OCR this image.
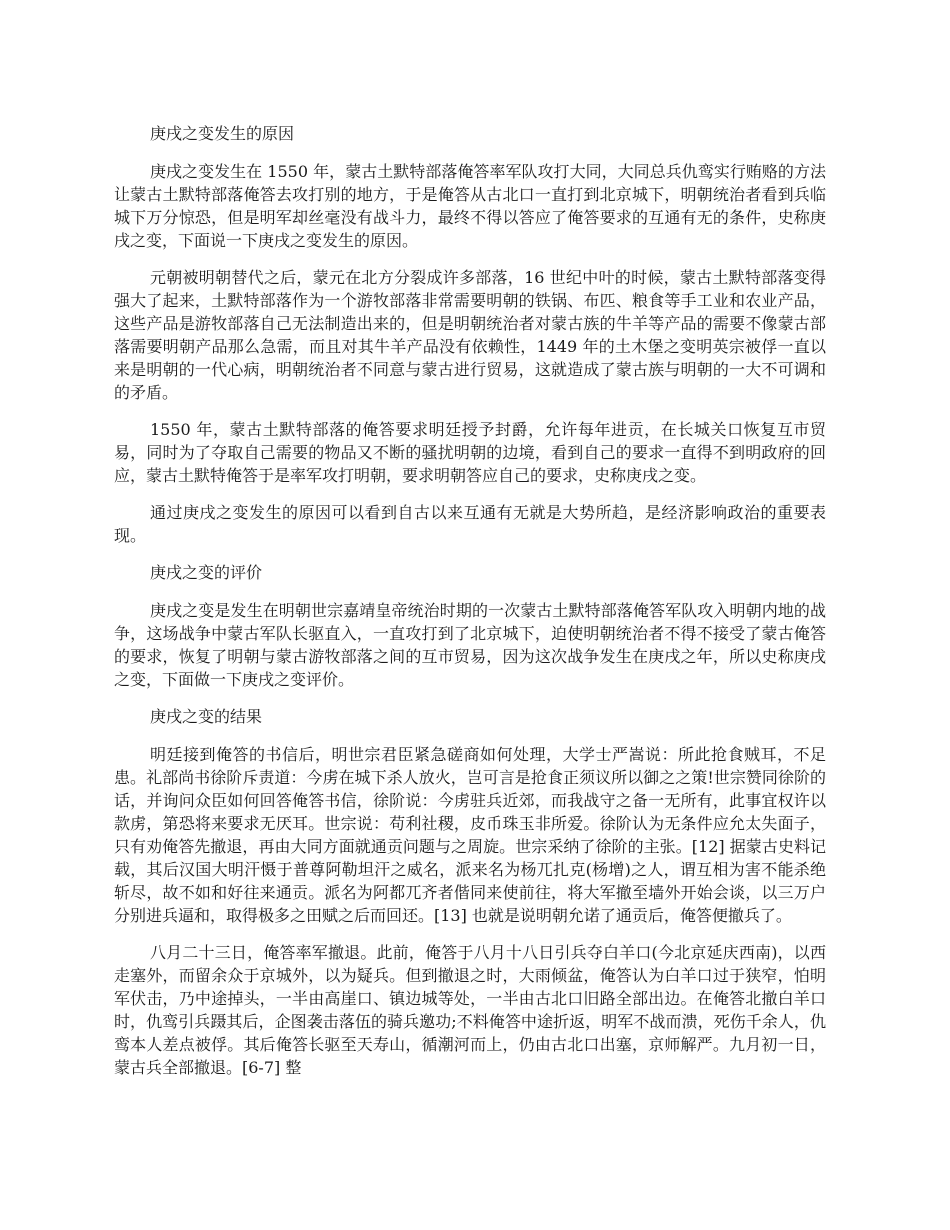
庚戌之变发生的原因

庚戌之变发生在 1550 年，蒙古土默特部落俺答率军队攻打大同，大同总兵仇鸾实行贿赂的方法让蒙古土默特部落俺答去攻打别的地方，于是俺答从古北口一直打到北京城下，明朝统治者看到兵临城下万分惊恐，但是明军却丝毫没有战斗力，最终不得以答应了俺答要求的互通有无的条件，史称庚戌之变，下面说一下庚戌之变发生的原因。

元朝被明朝替代之后，蒙元在北方分裂成许多部落，16 世纪中叶的时候，蒙古土默特部落变得强大了起来，土默特部落作为一个游牧部落非常需要明朝的铁锅、布匹、粮食等手工业和农业产品，这些产品是游牧部落自己无法制造出来的，但是明朝统治者对蒙古族的牛羊等产品的需要不像蒙古部落需要明朝产品那么急需，而且对其牛羊产品没有依赖性，1449 年的土木堡之变明英宗被俘一直以来是明朝的一代心病，明朝统治者不同意与蒙古进行贸易，这就造成了蒙古族与明朝的一大不可调和的矛盾。

1550 年，蒙古土默特部落的俺答要求明廷授予封爵，允许每年进贡，在长城关口恢复互市贸易，同时为了夺取自己需要的物品又不断的骚扰明朝的边境，看到自己的要求一直得不到明政府的回应，蒙古土默特俺答于是率军攻打明朝，要求明朝答应自己的要求，史称庚戌之变。

通过庚戌之变发生的原因可以看到自古以来互通有无就是大势所趋，是经济影响政治的重要表现。

庚戌之变的评价

庚戌之变是发生在明朝世宗嘉靖皇帝统治时期的一次蒙古土默特部落俺答军队攻入明朝内地的战争，这场战争中蒙古军队长驱直入，一直攻打到了北京城下，迫使明朝统治者不得不接受了蒙古俺答的要求，恢复了明朝与蒙古游牧部落之间的互市贸易，因为这次战争发生在庚戌之年，所以史称庚戌之变，下面做一下庚戌之变评价。

庚戌之变的结果

明廷接到俺答的书信后，明世宗君臣紧急磋商如何处理，大学士严嵩说：所此抢食贼耳，不足患。礼部尚书徐阶斥责道：今虏在城下杀人放火，岂可言是抢食正须议所以御之之策!世宗赞同徐阶的话，并询问众臣如何回答俺答书信，徐阶说：今虏驻兵近郊，而我战守之备一无所有，此事宜权许以款虏，第恐将来要求无厌耳。世宗说：苟利社稷，皮币珠玉非所爱。徐阶认为无条件应允太失面子，只有劝俺答先撤退，再由大同方面就通贡问题与之周旋。世宗采纳了徐阶的主张。[12] 据蒙古史料记载，其后汉国大明汗慑于普尊阿勒坦汗之威名，派来名为杨兀扎克(杨增)之人，谓互相为害不能杀绝斩尽，故不如和好往来通贡。派名为阿都兀齐者偕同来使前往，将大军撤至墙外开始会谈，以三万户分别进兵逼和，取得极多之田赋之后而回还。[13] 也就是说明朝允诺了通贡后，俺答便撤兵了。

八月二十三日，俺答率军撤退。此前，俺答于八月十八日引兵夺白羊口(今北京延庆西南)，以西走塞外，而留余众于京城外，以为疑兵。但到撤退之时，大雨倾盆，俺答认为白羊口过于狭窄，怕明军伏击，乃中途掉头，一半由高崖口、镇边城等处，一半由古北口旧路全部出边。在俺答北撤白羊口时，仇鸾引兵蹑其后，企图袭击落伍的骑兵邀功;不料俺答中途折返，明军不战而溃，死伤千余人，仇鸾本人差点被俘。其后俺答长驱至天寿山，循潮河而上，仍由古北口出塞，京师解严。九月初一日，蒙古兵全部撤退。[6-7] 整
